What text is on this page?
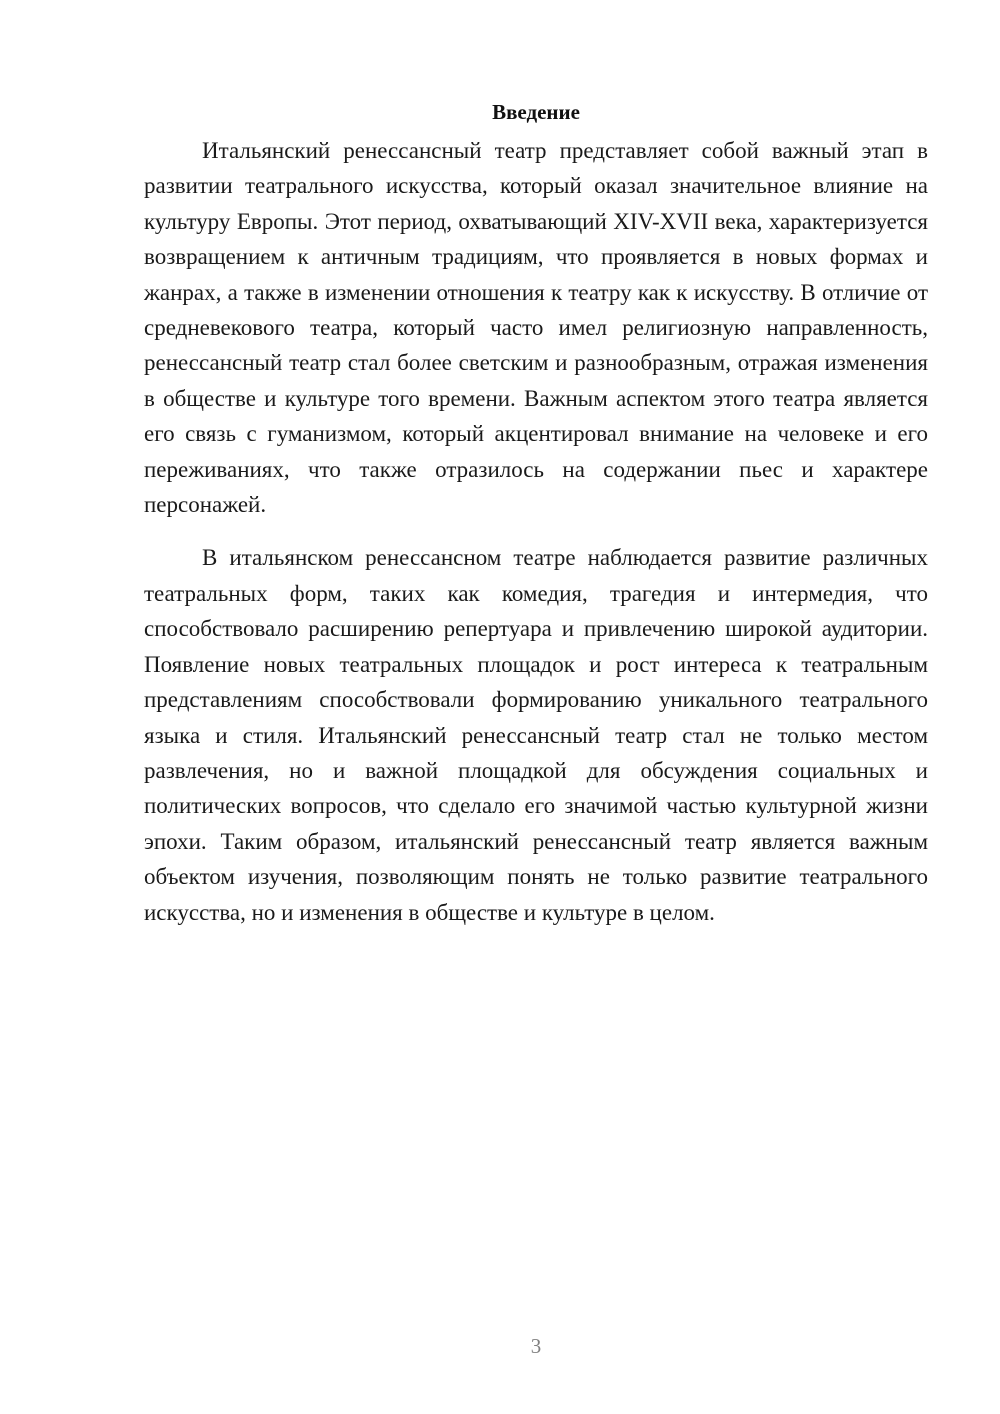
Введение

Итальянский ренессансный театр представляет собой важный этап в развитии театрального искусства, который оказал значительное влияние на культуру Европы. Этот период, охватывающий XIV-XVII века, характеризуется возвращением к античным традициям, что проявляется в новых формах и жанрах, а также в изменении отношения к театру как к искусству. В отличие от средневекового театра, который часто имел религиозную направленность, ренессансный театр стал более светским и разнообразным, отражая изменения в обществе и культуре того времени. Важным аспектом этого театра является его связь с гуманизмом, который акцентировал внимание на человеке и его переживаниях, что также отразилось на содержании пьес и характере персонажей.

В итальянском ренессансном театре наблюдается развитие различных театральных форм, таких как комедия, трагедия и интермедия, что способствовало расширению репертуара и привлечению широкой аудитории. Появление новых театральных площадок и рост интереса к театральным представлениям способствовали формированию уникального театрального языка и стиля. Итальянский ренессансный театр стал не только местом развлечения, но и важной площадкой для обсуждения социальных и политических вопросов, что сделало его значимой частью культурной жизни эпохи. Таким образом, итальянский ренессансный театр является важным объектом изучения, позволяющим понять не только развитие театрального искусства, но и изменения в обществе и культуре в целом.

3
